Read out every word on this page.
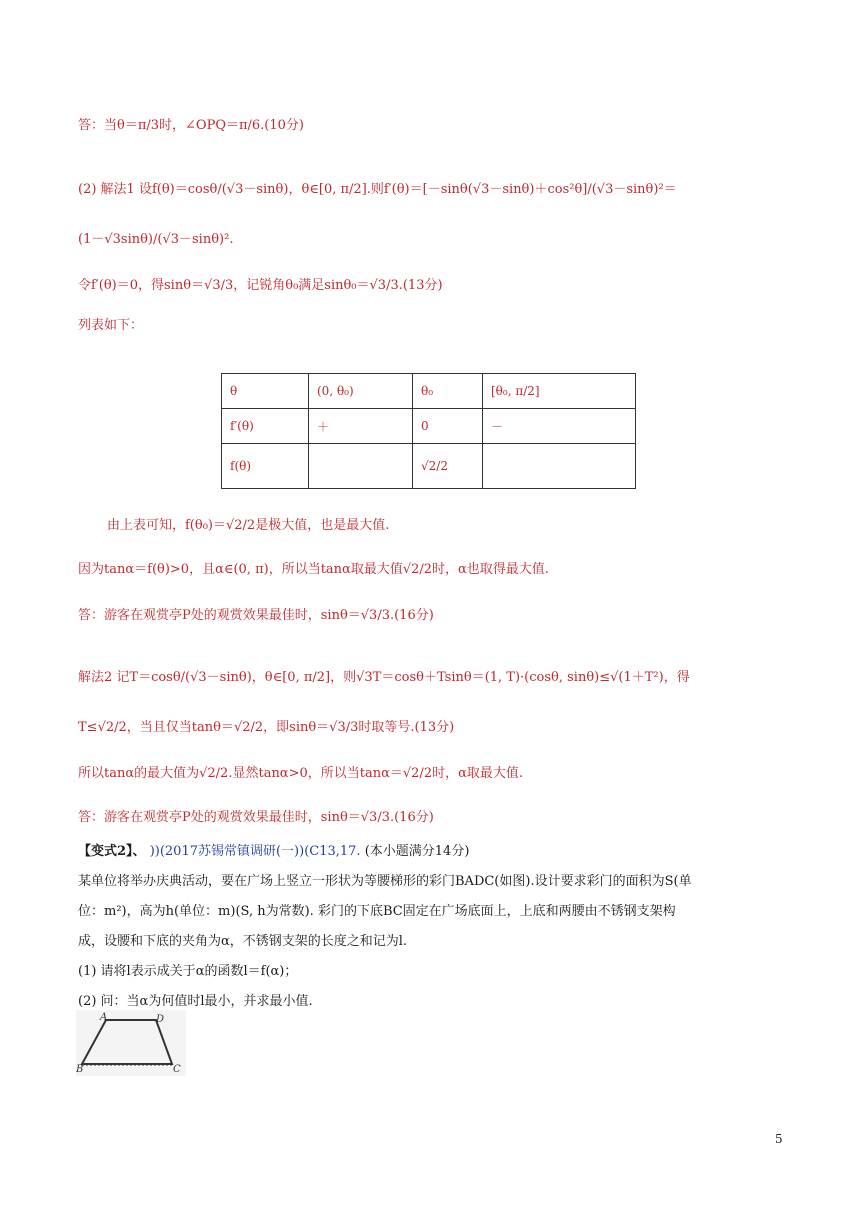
答：当θ＝π/3时，∠OPQ＝π/6.(10分)
(2) 解法1 设f(θ)＝cosθ/(√3－sinθ)，θ∈[0, π/2].则f′(θ)＝[－sinθ(√3－sinθ)＋cos²θ]/(√3－sinθ)²＝
(1－√3sinθ)/(√3－sinθ)².
令f′(θ)＝0，得sinθ＝√3/3，记锐角θ₀满足sinθ₀＝√3/3.(13分)
列表如下：
θ	(0, θ₀)	θ₀	[θ₀, π/2]
f′(θ)	＋	0	－
f(θ)		√2/2	
由上表可知，f(θ₀)＝√2/2是极大值，也是最大值.
因为tanα＝f(θ)>0，且α∈(0, π)，所以当tanα取最大值√2/2时，α也取得最大值.
答：游客在观赏亭P处的观赏效果最佳时，sinθ＝√3/3.(16分)
解法2 记T＝cosθ/(√3－sinθ)，θ∈[0, π/2]，则√3T＝cosθ＋Tsinθ＝(1, T)·(cosθ, sinθ)≤√(1＋T²)，得
T≤√2/2，当且仅当tanθ＝√2/2，即sinθ＝√3/3时取等号.(13分)
所以tanα的最大值为√2/2.显然tanα>0，所以当tanα＝√2/2时，α取最大值.
答：游客在观赏亭P处的观赏效果最佳时，sinθ＝√3/3.(16分)
【变式2】、 ))(2017苏锡常镇调研(一))(C13,17. (本小题满分14分)
某单位将举办庆典活动，要在广场上竖立一形状为等腰梯形的彩门BADC(如图).设计要求彩门的面积为S(单
位：m²)，高为h(单位：m)(S, h为常数). 彩门的下底BC固定在广场底面上，上底和两腰由不锈钢支架构
成，设腰和下底的夹角为α，不锈钢支架的长度之和记为l.
(1) 请将l表示成关于α的函数l＝f(α)；
(2) 问：当α为何值时l最小，并求最小值.
A	D
B	C
5
